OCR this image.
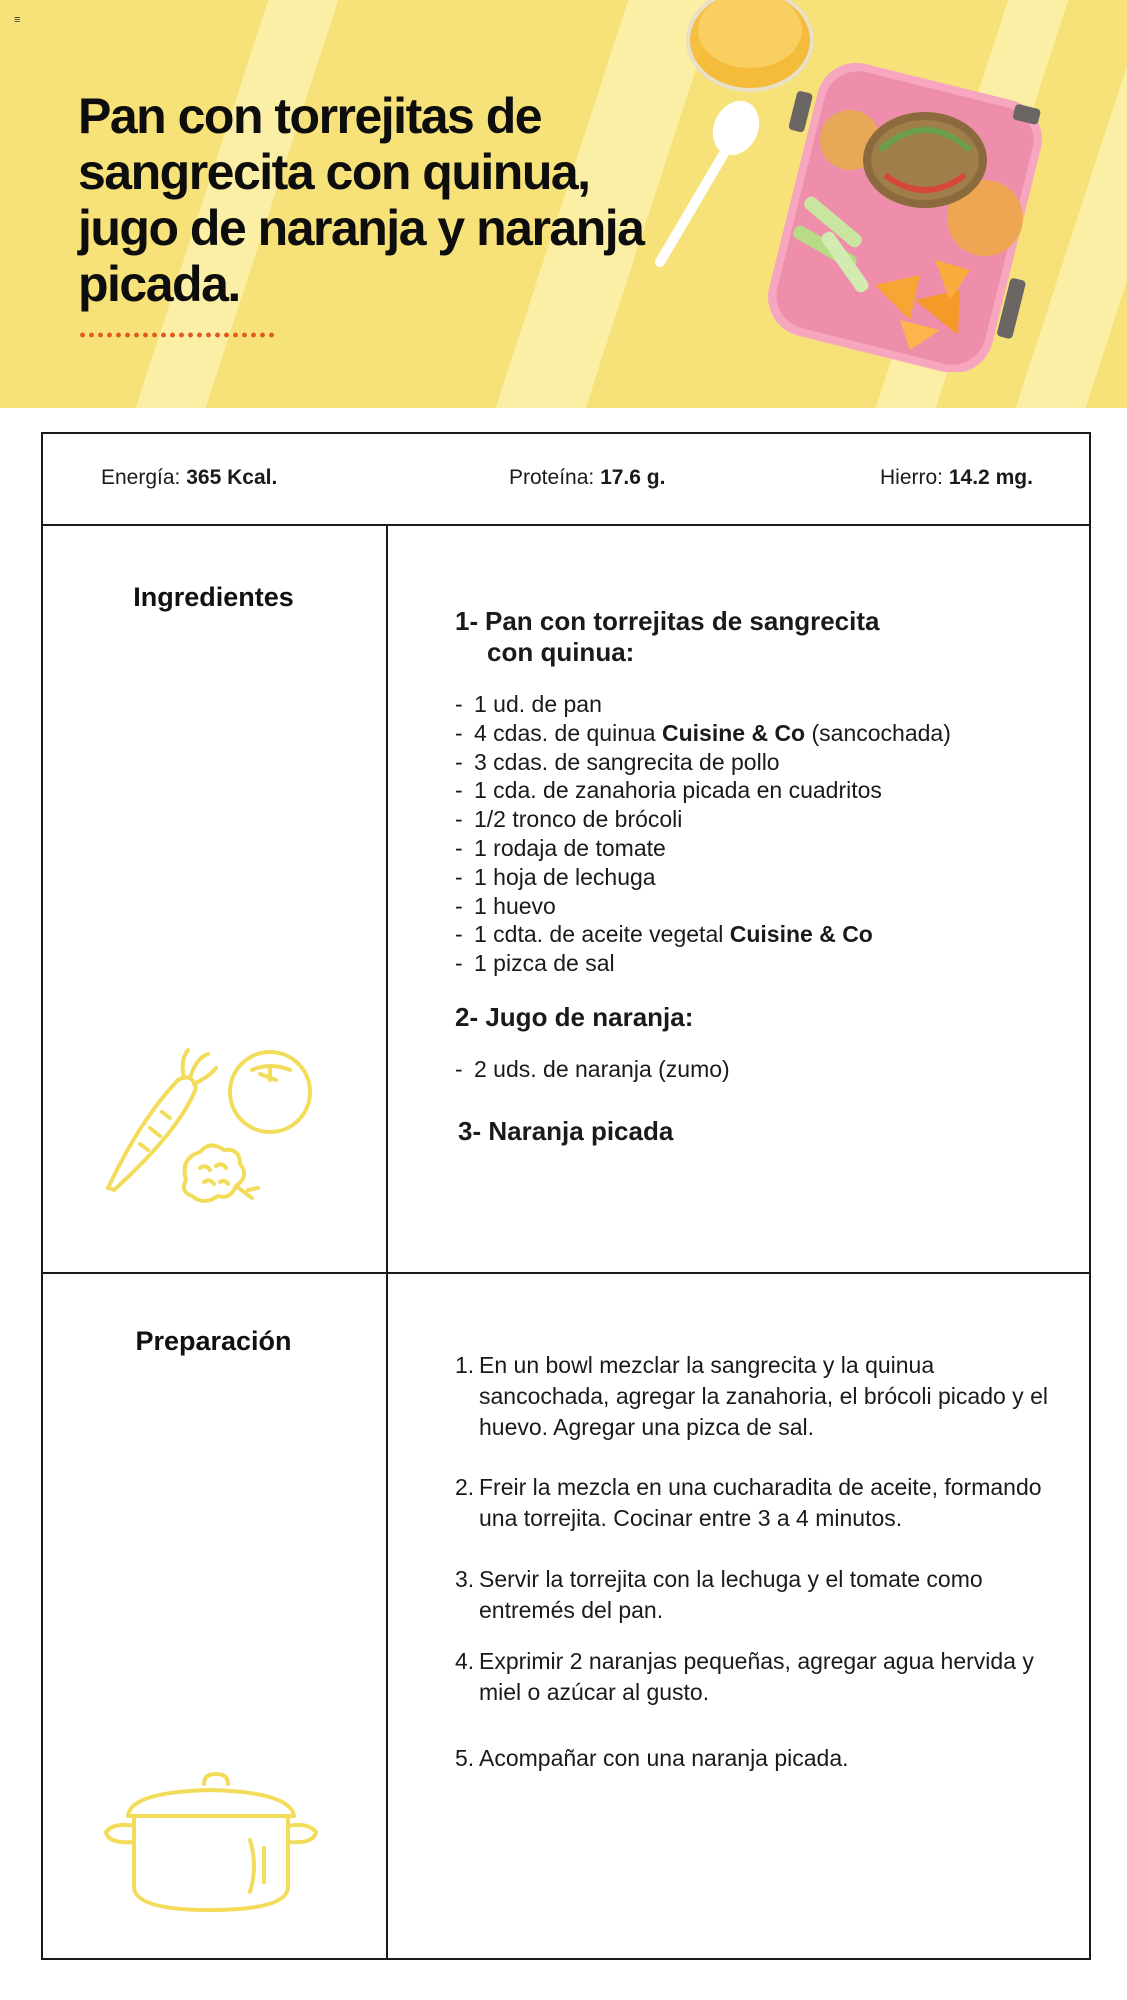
Pan con torrejitas de sangrecita con quinua, jugo de naranja y naranja picada.
≡
Energía: 365 Kcal.	Proteína: 17.6 g.	Hierro: 14.2 mg.
Ingredientes

1- Pan con torrejitas de sangrecita
con quinua:

- 1 ud. de pan
- 4 cdas. de quinua Cuisine & Co (sancochada)
- 3 cdas. de sangrecita de pollo
- 1 cda. de zanahoria picada en cuadritos
- 1/2 tronco de brócoli
- 1 rodaja de tomate
- 1 hoja de lechuga
- 1 huevo
- 1 cdta. de aceite vegetal Cuisine & Co
- 1 pizca de sal

2- Jugo de naranja:

- 2 uds. de naranja (zumo)

3- Naranja picada

Preparación
1. En un bowl mezclar la sangrecita y la quinua sancochada, agregar la zanahoria, el brócoli picado y el huevo. Agregar una pizca de sal.
2. Freir la mezcla en una cucharadita de aceite, formando una torrejita. Cocinar entre 3 a 4 minutos.
3. Servir la torrejita con la lechuga y el tomate como entremés del pan.
4. Exprimir 2 naranjas pequeñas, agregar agua hervida y miel o azúcar al gusto.
5. Acompañar con una naranja picada.
